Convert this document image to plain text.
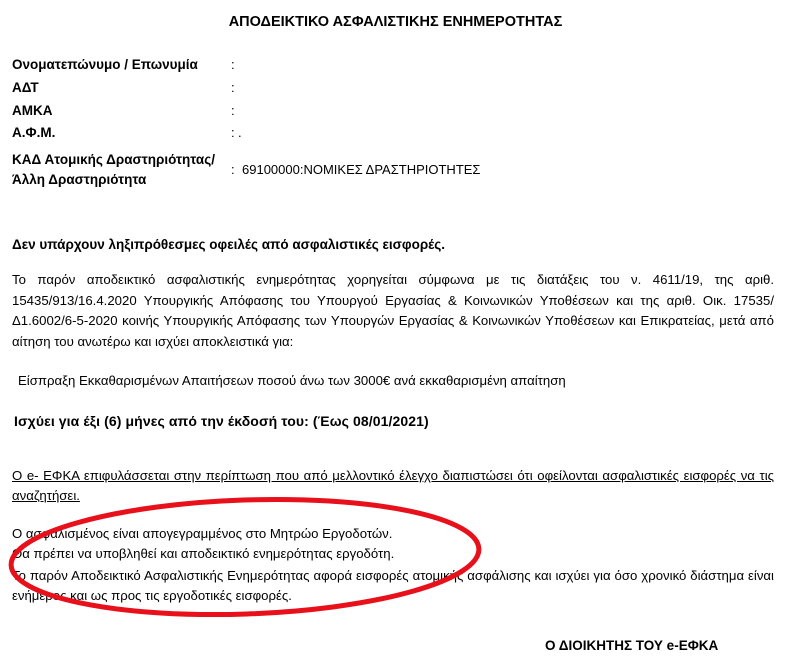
ΑΠΟΔΕΙΚΤΙΚΟ ΑΣΦΑΛΙΣΤΙΚΗΣ ΕΝΗΜΕΡΟΤΗΤΑΣ
Ονοματεπώνυμο / Επωνυμία	:
ΑΔΤ	:
ΑΜΚΑ	:
Α.Φ.Μ.	: .
ΚΑΔ Ατομικής Δραστηριότητας/
Άλλη Δραστηριότητα
: 69100000:ΝΟΜΙΚΕΣ ΔΡΑΣΤΗΡΙΟΤΗΤΕΣ
Δεν υπάρχουν ληξιπρόθεσμες οφειλές από ασφαλιστικές εισφορές.
Το παρόν αποδεικτικό ασφαλιστικής ενημερότητας χορηγείται σύμφωνα με τις διατάξεις του ν. 4611/19, της αριθ. 15435/913/16.4.2020 Υπουργικής Απόφασης του Υπουργού Εργασίας & Κοινωνικών Υποθέσεων και της αριθ. Οικ. 17535/Δ1.6002/6-5-2020 κοινής Υπουργικής Απόφασης των Υπουργών Εργασίας & Κοινωνικών Υποθέσεων και Επικρατείας, μετά από αίτηση του ανωτέρω και ισχύει αποκλειστικά για:
Είσπραξη Εκκαθαρισμένων Απαιτήσεων ποσού άνω των 3000€ ανά εκκαθαρισμένη απαίτηση
Ισχύει για έξι (6) μήνες από την έκδοσή του: (Έως 08/01/2021)
Ο e- ΕΦΚΑ επιφυλάσσεται στην περίπτωση που από μελλοντικό έλεγχο διαπιστώσει ότι οφείλονται ασφαλιστικές εισφορές να τις αναζητήσει.
Ο ασφαλισμένος είναι απογεγραμμένος στο Μητρώο Εργοδοτών.
Θα πρέπει να υποβληθεί και αποδεικτικό ενημερότητας εργοδότη.
Το παρόν Αποδεικτικό Ασφαλιστικής Ενημερότητας αφορά εισφορές ατομικής ασφάλισης και ισχύει για όσο χρονικό διάστημα είναι ενήμερος και ως προς τις εργοδοτικές εισφορές.
Ο ΔΙΟΙΚΗΤΗΣ ΤΟΥ e-ΕΦΚΑ
